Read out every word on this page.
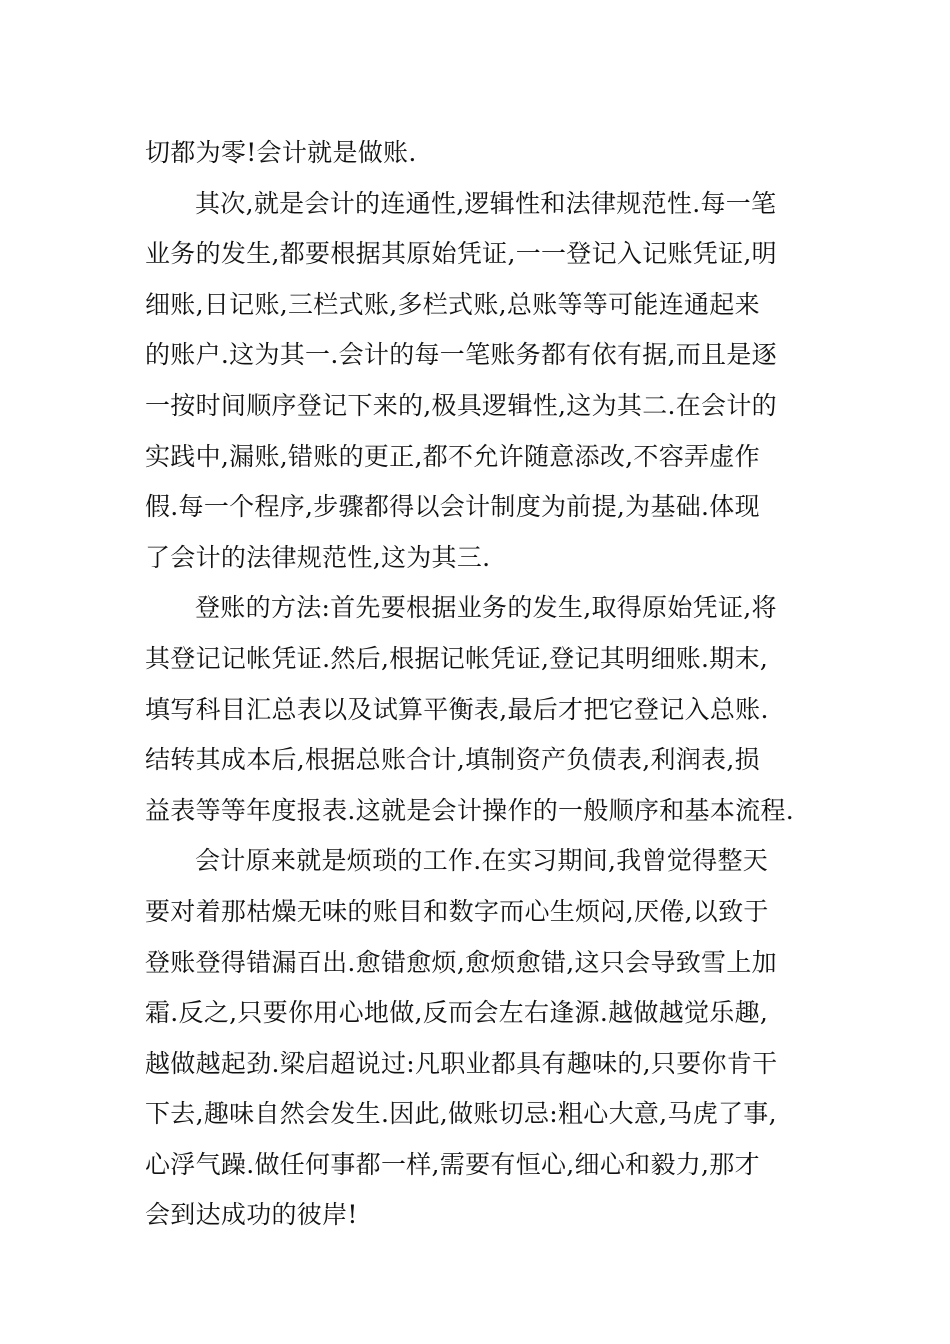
切都为零!会计就是做账.
其次,就是会计的连通性,逻辑性和法律规范性.每一笔
业务的发生,都要根据其原始凭证,一一登记入记账凭证,明
细账,日记账,三栏式账,多栏式账,总账等等可能连通起来
的账户.这为其一.会计的每一笔账务都有依有据,而且是逐
一按时间顺序登记下来的,极具逻辑性,这为其二.在会计的
实践中,漏账,错账的更正,都不允许随意添改,不容弄虚作
假.每一个程序,步骤都得以会计制度为前提,为基础.体现
了会计的法律规范性,这为其三.
登账的方法:首先要根据业务的发生,取得原始凭证,将
其登记记帐凭证.然后,根据记帐凭证,登记其明细账.期末,
填写科目汇总表以及试算平衡表,最后才把它登记入总账.
结转其成本后,根据总账合计,填制资产负债表,利润表,损
益表等等年度报表.这就是会计操作的一般顺序和基本流程.
会计原来就是烦琐的工作.在实习期间,我曾觉得整天
要对着那枯燥无味的账目和数字而心生烦闷,厌倦,以致于
登账登得错漏百出.愈错愈烦,愈烦愈错,这只会导致雪上加
霜.反之,只要你用心地做,反而会左右逢源.越做越觉乐趣,
越做越起劲.梁启超说过:凡职业都具有趣味的,只要你肯干
下去,趣味自然会发生.因此,做账切忌:粗心大意,马虎了事,
心浮气躁.做任何事都一样,需要有恒心,细心和毅力,那才
会到达成功的彼岸!
